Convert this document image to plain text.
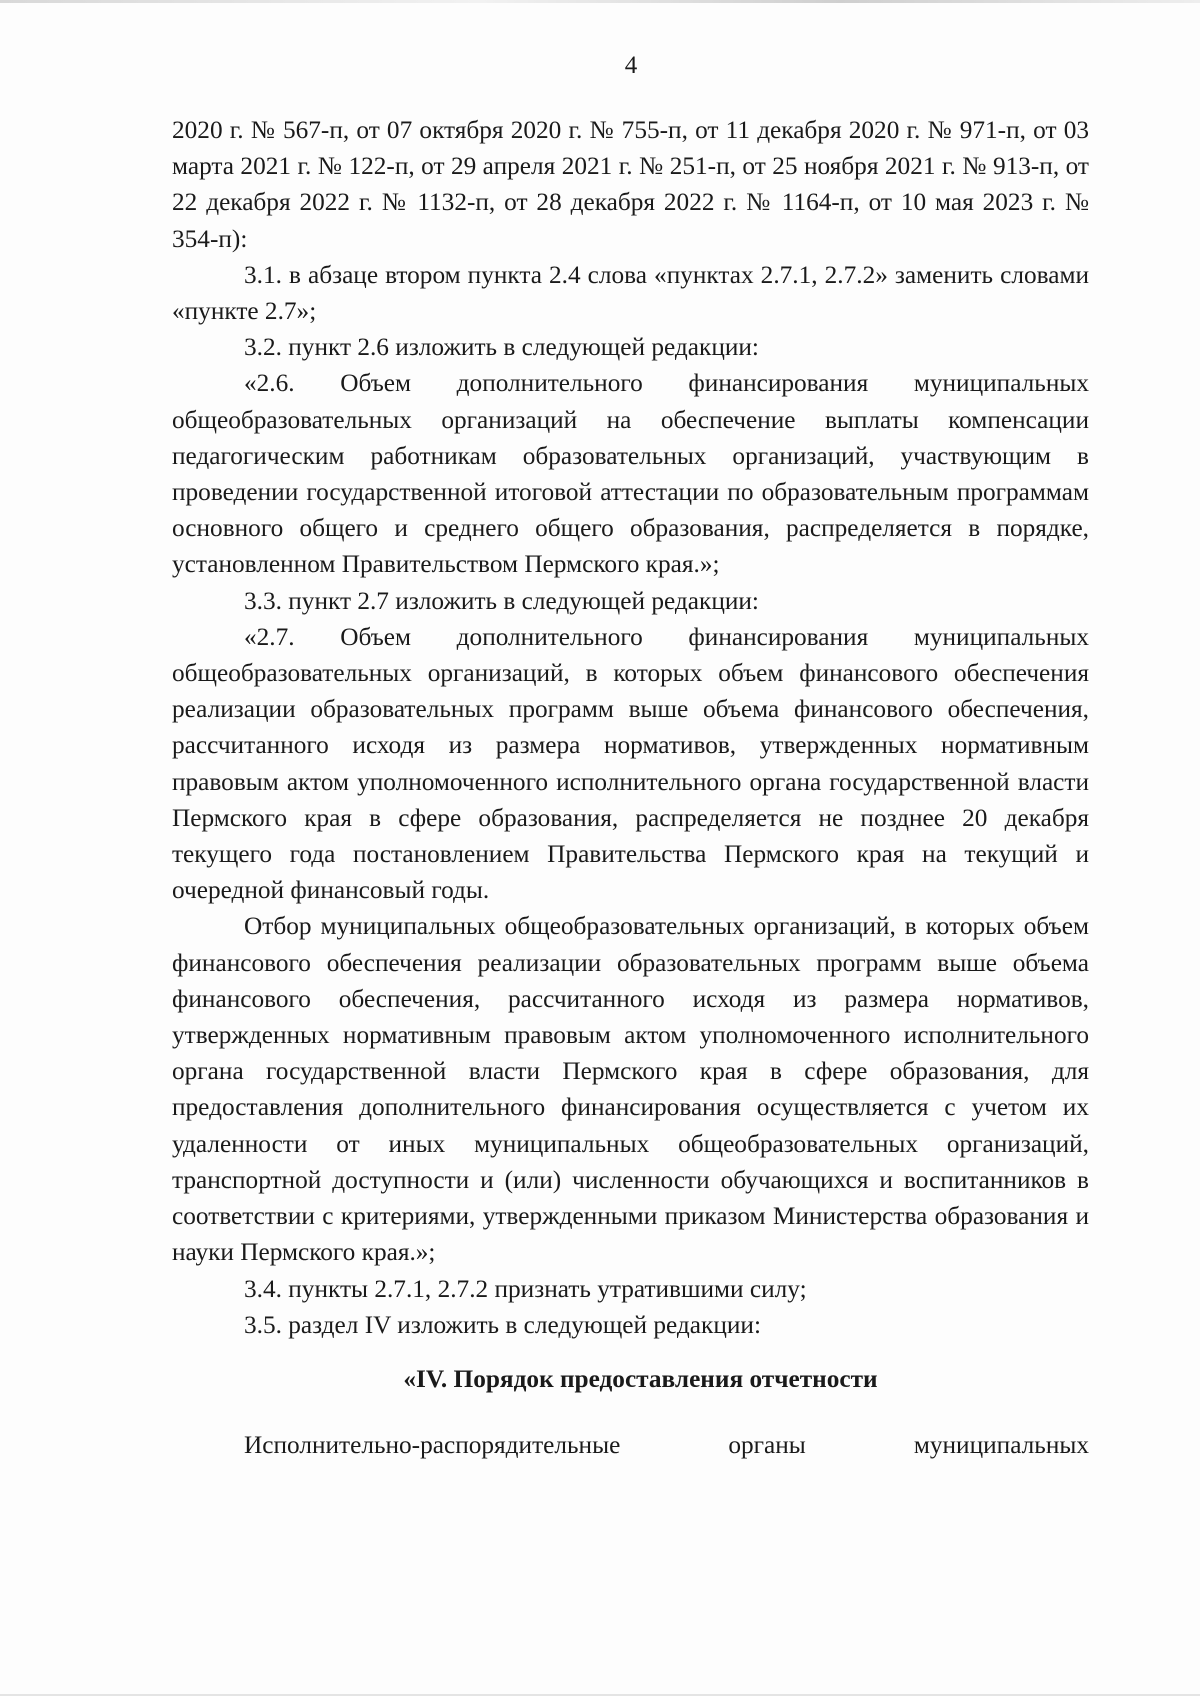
4

2020 г. № 567-п, от 07 октября 2020 г. № 755-п, от 11 декабря 2020 г. № 971-п, от 03 марта 2021 г. № 122-п, от 29 апреля 2021 г. № 251-п, от 25 ноября 2021 г. № 913-п, от 22 декабря 2022 г. № 1132-п, от 28 декабря 2022 г. № 1164-п, от 10 мая 2023 г. № 354-п):

3.1. в абзаце втором пункта 2.4 слова «пунктах 2.7.1, 2.7.2» заменить словами «пункте 2.7»;

3.2. пункт 2.6 изложить в следующей редакции:

«2.6. Объем дополнительного финансирования муниципальных общеобразовательных организаций на обеспечение выплаты компенсации педагогическим работникам образовательных организаций, участвующим в проведении государственной итоговой аттестации по образовательным программам основного общего и среднего общего образования, распределяется в порядке, установленном Правительством Пермского края.»;

3.3. пункт 2.7 изложить в следующей редакции:

«2.7. Объем дополнительного финансирования муниципальных общеобразовательных организаций, в которых объем финансового обеспечения реализации образовательных программ выше объема финансового обеспечения, рассчитанного исходя из размера нормативов, утвержденных нормативным правовым актом уполномоченного исполнительного органа государственной власти Пермского края в сфере образования, распределяется не позднее 20 декабря текущего года постановлением Правительства Пермского края на текущий и очередной финансовый годы.

Отбор муниципальных общеобразовательных организаций, в которых объем финансового обеспечения реализации образовательных программ выше объема финансового обеспечения, рассчитанного исходя из размера нормативов, утвержденных нормативным правовым актом уполномоченного исполнительного органа государственной власти Пермского края в сфере образования, для предоставления дополнительного финансирования осуществляется с учетом их удаленности от иных муниципальных общеобразовательных организаций, транспортной доступности и (или) численности обучающихся и воспитанников в соответствии с критериями, утвержденными приказом Министерства образования и науки Пермского края.»;

3.4. пункты 2.7.1, 2.7.2 признать утратившими силу;

3.5. раздел IV изложить в следующей редакции:

«IV. Порядок предоставления отчетности

Исполнительно-распорядительные органы муниципальных
